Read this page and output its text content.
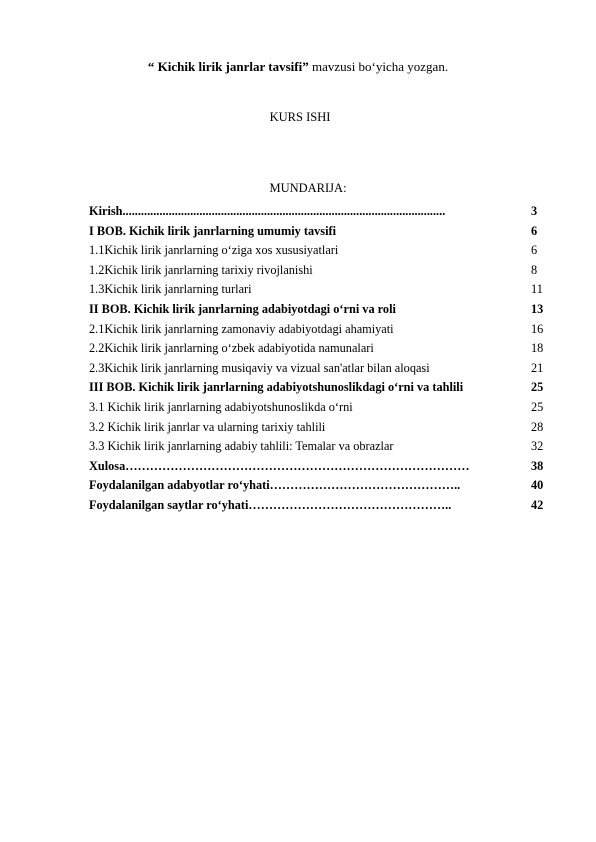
“ Kichik lirik janrlar tavsifi” mavzusi bo‘yicha yozgan.
KURS ISHI
MUNDARIJA:
Kirish.........................................................................................................	3
I BOB. Kichik lirik janrlarning umumiy tavsifi	6
1.1Kichik lirik janrlarning o‘ziga xos xususiyatlari	6
1.2Kichik lirik janrlarning tarixiy rivojlanishi	8
1.3Kichik lirik janrlarning turlari	11
II BOB. Kichik lirik janrlarning adabiyotdagi o‘rni va roli	13
2.1Kichik lirik janrlarning zamonaviy adabiyotdagi ahamiyati	16
2.2Kichik lirik janrlarning o‘zbek adabiyotida namunalari	18
2.3Kichik lirik janrlarning musiqaviy va vizual san'atlar bilan aloqasi	21
III BOB. Kichik lirik janrlarning adabiyotshunoslikdagi o‘rni va tahlili	25
3.1 Kichik lirik janrlarning adabiyotshunoslikda o‘rni	25
3.2 Kichik lirik janrlar va ularning tarixiy tahlili	28
3.3 Kichik lirik janrlarning adabiy tahlili: Temalar va obrazlar	32
Xulosa…………………………………………………………………………	38
Foydalanilgan adabyotlar ro‘yhati………………………………………..	40
Foydalanilgan saytlar ro‘yhati…………………………………………..	42
